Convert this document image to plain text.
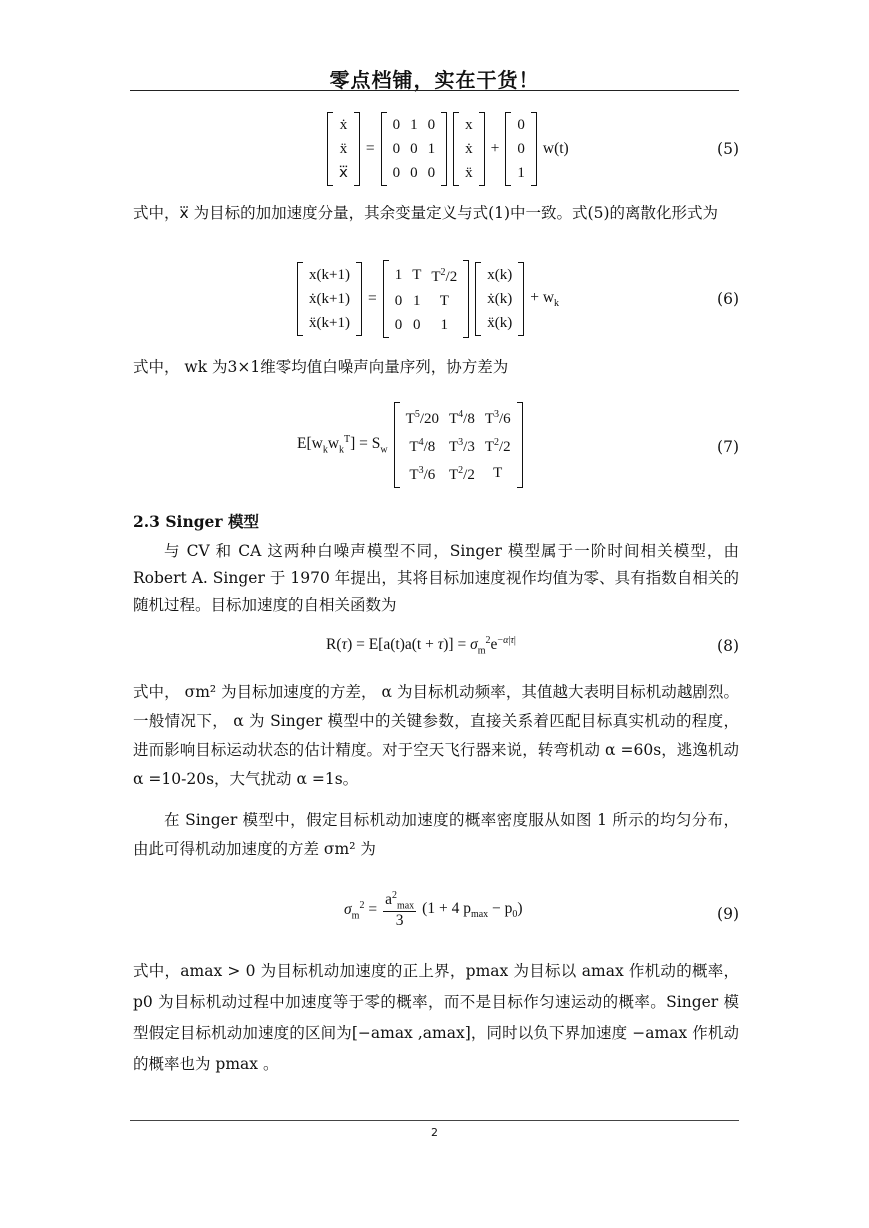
零点档铺，实在干货！
ẋ
ẍ
x⃛
=
0	1	0
0	0	1
0	0	0
x
ẋ
ẍ
+
0
0
1
w(t)	(5)
式中，x⃛ 为目标的加加速度分量，其余变量定义与式(1)中一致。式(5)的离散化形式为
x(k+1)
ẋ(k+1)
ẍ(k+1)
=
1	T	$T^2/2$
0	1	T
0	0	1
x(k)
ẋ(k)
ẍ(k)
+ $w_k$	(6)
式中， wk 为3×1维零均值白噪声向量序列，协方差为
$E[w_kw_k^T] = S_w$
$T^5/20$	$T^4/8$	$T^3/6$
$T^4/8$	$T^3/3$	$T^2/2$
$T^3/6$	$T^2/2$	T
(7)
2.3 Singer 模型
与 CV 和 CA 这两种白噪声模型不同，Singer 模型属于一阶时间相关模型，由 Robert A. Singer 于 1970 年提出，其将目标加速度视作均值为零、具有指数自相关的随机过程。目标加速度的自相关函数为
$R(\tau) = E[a(t)a(t + \tau)] = \sigma_m^2e^{-\alpha|\tau|}$	(8)
式中， σm² 为目标加速度的方差， α 为目标机动频率，其值越大表明目标机动越剧烈。一般情况下， α 为 Singer 模型中的关键参数，直接关系着匹配目标真实机动的程度，进而影响目标运动状态的估计精度。对于空天飞行器来说，转弯机动 α =60s，逃逸机动 α =10-20s，大气扰动 α =1s。
在 Singer 模型中，假定目标机动加速度的概率密度服从如图 1 所示的均匀分布，由此可得机动加速度的方差 σm² 为
$\sigma_m^2 = \frac{a^2_{max}}{3} (1 + 4$ $p_{max} - p_0$)	(9)
式中，amax > 0 为目标机动加速度的正上界，pmax 为目标以 amax 作机动的概率，p0 为目标机动过程中加速度等于零的概率，而不是目标作匀速运动的概率。Singer 模型假定目标机动加速度的区间为[−amax ,amax]，同时以负下界加速度 −amax 作机动的概率也为 pmax 。
2
